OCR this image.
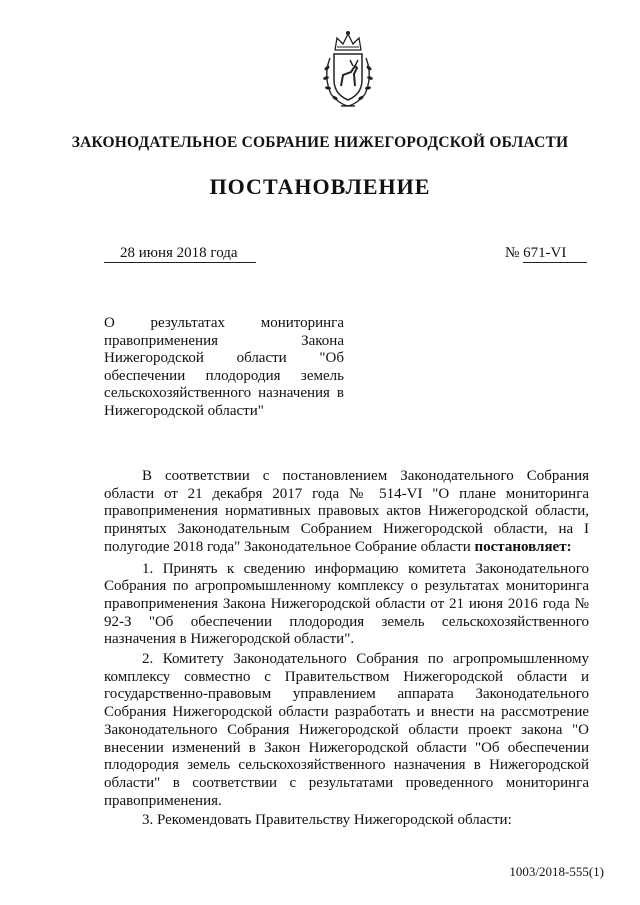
ЗАКОНОДАТЕЛЬНОЕ СОБРАНИЕ НИЖЕГОРОДСКОЙ ОБЛАСТИ
ПОСТАНОВЛЕНИЕ
28 июня 2018 года	№ 671-VI
О результатах мониторинга правоприменения Закона Нижегородской области "Об обеспечении плодородия земель сельскохозяйственного назначения в Нижегородской области"

В соответствии с постановлением Законодательного Собрания области от 21 декабря 2017 года № 514-VI "О плане мониторинга правоприменения нормативных правовых актов Нижегородской области, принятых Законодательным Собранием Нижегородской области, на I полугодие 2018 года" Законодательное Собрание области постановляет:

1. Принять к сведению информацию комитета Законодательного Собрания по агропромышленному комплексу о результатах мониторинга правоприменения Закона Нижегородской области от 21 июня 2016 года № 92-З "Об обеспечении плодородия земель сельскохозяйственного назначения в Нижегородской области".

2. Комитету Законодательного Собрания по агропромышленному комплексу совместно с Правительством Нижегородской области и государственно-правовым управлением аппарата Законодательного Собрания Нижегородской области разработать и внести на рассмотрение Законодательного Собрания Нижегородской области проект закона "О внесении изменений в Закон Нижегородской области "Об обеспечении плодородия земель сельскохозяйственного назначения в Нижегородской области" в соответствии с результатами проведенного мониторинга правоприменения.

3. Рекомендовать Правительству Нижегородской области:

1003/2018-555(1)
